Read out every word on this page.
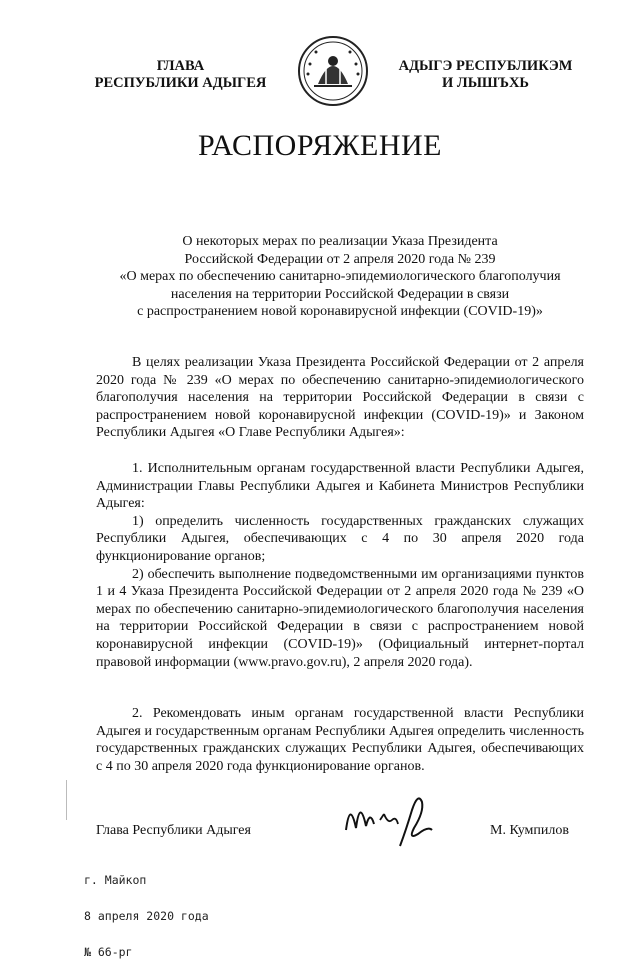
ГЛАВА
РЕСПУБЛИКИ АДЫГЕЯ
АДЫГЭ РЕСПУБЛИКЭМ
И ЛЫШЪХЬ
РАСПОРЯЖЕНИЕ
О некоторых мерах по реализации Указа Президента
Российской Федерации от 2 апреля 2020 года № 239
«О мерах по обеспечению санитарно-эпидемиологического благополучия
населения на территории Российской Федерации в связи
с распространением новой коронавирусной инфекции (COVID-19)»

В целях реализации Указа Президента Российской Федерации от 2 апреля 2020 года № 239 «О мерах по обеспечению санитарно-эпидемиологического благополучия населения на территории Российской Федерации в связи с распространением новой коронавирусной инфекции (COVID-19)» и Законом Республики Адыгея «О Главе Республики Адыгея»:

1. Исполнительным органам государственной власти Республики Адыгея, Администрации Главы Республики Адыгея и Кабинета Министров Республики Адыгея:

1) определить численность государственных гражданских служащих Республики Адыгея, обеспечивающих с 4 по 30 апреля 2020 года функционирование органов;

2) обеспечить выполнение подведомственными им организациями пунктов 1 и 4 Указа Президента Российской Федерации от 2 апреля 2020 года № 239 «О мерах по обеспечению санитарно-эпидемиологического благополучия населения на территории Российской Федерации в связи с распространением новой коронавирусной инфекции (COVID-19)» (Официальный интернет-портал правовой информации (www.pravo.gov.ru), 2 апреля 2020 года).

2. Рекомендовать иным органам государственной власти Республики Адыгея и государственным органам Республики Адыгея определить численность государственных гражданских служащих Республики Адыгея, обеспечивающих с 4 по 30 апреля 2020 года функционирование органов.

Глава Республики Адыгея	М. Кумпилов

г. Майкоп

8 апреля 2020 года

№ 66-рг
